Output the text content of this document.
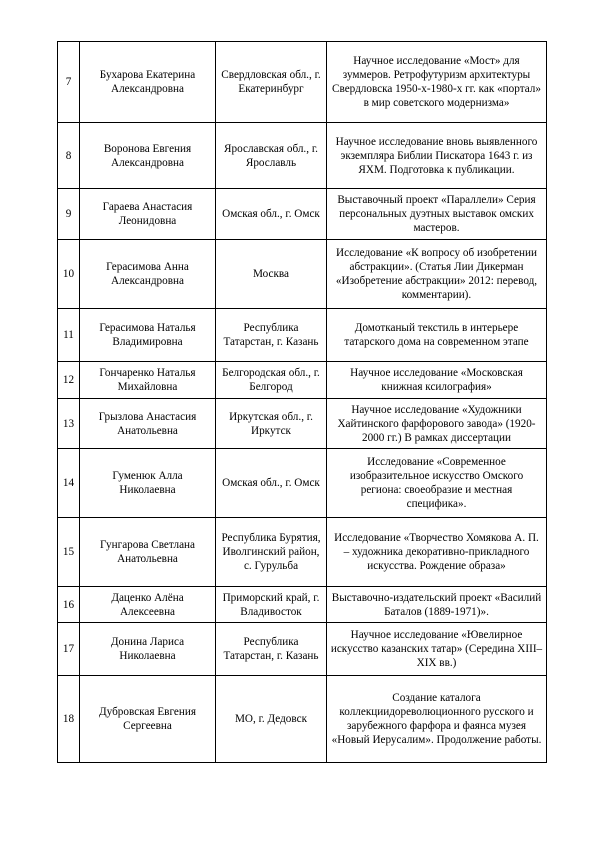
7	Бухарова Екатерина Александровна	Свердловская обл., г. Екатеринбург	Научное исследование «Мост» для зуммеров. Ретрофутуризм архитектуры Свердловска 1950-х-1980-х гг. как «портал» в мир советского модернизма»
8	Воронова Евгения Александровна	Ярославская обл., г. Ярославль	Научное исследование вновь выявленного экземпляра Библии Пискатора 1643 г. из ЯХМ. Подготовка к публикации.
9	Гараева Анастасия Леонидовна	Омская обл., г. Омск	Выставочный проект «Параллели» Серия персональных дуэтных выставок омских мастеров.
10	Герасимова Анна Александровна	Москва	Исследование «К вопросу об изобретении абстракции». (Статья Лии Дикерман «Изобретение абстракции» 2012: перевод, комментарии).
11	Герасимова Наталья Владимировна	Республика Татарстан, г. Казань	Домотканый текстиль в интерьере татарского дома на современном этапе
12	Гончаренко Наталья Михайловна	Белгородская обл., г. Белгород	Научное исследование «Московская книжная ксилография»
13	Грызлова Анастасия Анатольевна	Иркутская обл., г. Иркутск	Научное исследование «Художники Хайтинского фарфорового завода» (1920-2000 гг.) В рамках диссертации
14	Гуменюк Алла Николаевна	Омская обл., г. Омск	Исследование «Современное изобразительное искусство Омского региона: своеобразие и местная специфика».
15	Гунгарова Светлана Анатольевна	Республика Бурятия, Иволгинский район, с. Гурульба	Исследование «Творчество Хомякова А. П. – художника декоративно-прикладного искусства. Рождение образа»
16	Даценко Алёна Алексеевна	Приморский край, г. Владивосток	Выставочно-издательский проект «Василий Баталов (1889-1971)».
17	Донина Лариса Николаевна	Республика Татарстан, г. Казань	Научное исследование «Ювелирное искусство казанских татар» (Середина XIII–XIX вв.)
18	Дубровская Евгения Сергеевна	МО, г. Дедовск	Создание каталога коллекциидореволюционного русского и зарубежного фарфора и фаянса музея «Новый Иерусалим». Продолжение работы.
